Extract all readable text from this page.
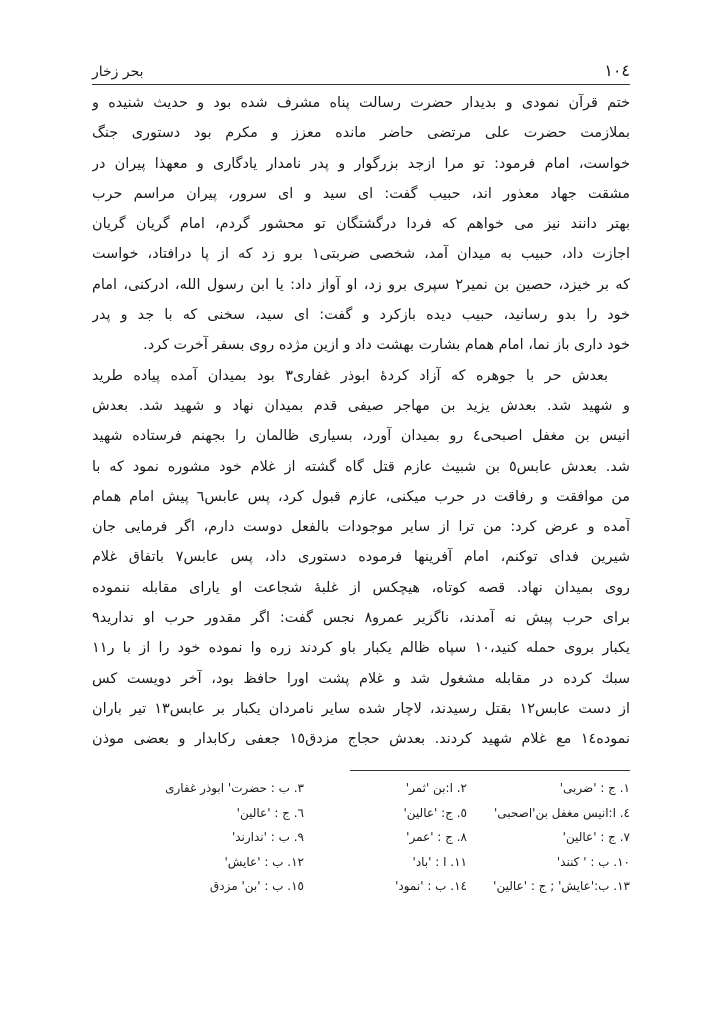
١٠٤
بحر زخار
ختم قرآن نمودی و بدیدار حضرت رسالت پناه مشرف شده بود و حدیث شنیده و
بملازمت حضرت علی مرتضی حاضر مانده معزز و مکرم بود دستوری جنگ
خواست، امام فرمود: تو مرا ازجد بزرگوار و پدر نامدار یادگاری و معهذا پیران در
مشقت جهاد معذور اند، حبیب گفت: ای سید و ای سرور، پیران مراسم حرب
بهتر دانند نیز می خواهم که فردا درگشتگان تو محشور گردم، امام گریان گریان
اجازت داد، حبیب به میدان آمد، شخصی ضربتی١ برو زد که از پا درافتاد، خواست
که بر خیزد، حصین بن نمیر٢ سپری برو زد، او آواز داد: یا ابن رسول الله، ادرکنی، امام
خود را بدو رسانید، حبیب دیده بازکرد و گفت: ای سید، سخنی که با جد و پدر
خود داری باز نما، امام همام بشارت بهشت داد و ازین مژده روی بسفر آخرت کرد.
بعدش حر با جوهره که آزاد کردهٔ ابوذر غفاری٣ بود بمیدان آمده پیاده طرید
و شهید شد. بعدش یزید بن مهاجر صیفی قدم بمیدان نهاد و شهید شد. بعدش
انیس بن مغفل اصبحی٤ رو بمیدان آورد، بسیاری ظالمان را بجهنم فرستاده شهید
شد. بعدش عابس٥ بن شبیث عازم قتل گاه گشته از غلام خود مشوره نمود که با
من موافقت و رفاقت در حرب میکنی، عازم قبول کرد، پس عابس٦ پیش امام همام
آمده و عرض کرد: من ترا از سایر موجودات بالفعل دوست دارم، اگر فرمایی جان
شیرین فدای توکنم، امام آفرینها فرموده دستوری داد، پس عابس٧ باتفاق غلام
روی بمیدان نهاد. قصه کوتاه، هیچکس از غلبهٔ شجاعت او یارای مقابله ننموده
برای حرب پیش نه آمدند، ناگزیر عمرو٨ نجس گفت: اگر مقدور حرب او ندارید٩
یکبار بروی حمله کنید،١٠ سپاه ظالم یکبار باو کردند زره وا نموده خود را از با ر١١
سبك کرده در مقابله مشغول شد و غلام پشت اورا حافظ بود، آخر دویست کس
از دست عابس١٢ بقتل رسیدند، لاچار شده سایر نامردان یکبار بر عابس١٣ تیر باران
نموده١٤ مع غلام شهید کردند. بعدش حجاج مزدق١٥ جعفی رکابدار و بعضی موذن
١. ج : 'ضربی'
٢. ا:بن 'ثمر'
٣. ب : حضرت' ابوذر غفاری
٤. ا:انیس مغفل بن'اصحبی'
٥. ج: 'عالین'
٦. ج : 'عالین'
٧. ج : 'عالین'
٨. ج : 'عمر'
٩. ب : 'ندارند'
١٠. ب : ' کنند'
١١. ا : 'باد'
١٢. ب : 'عایش'
١٣. ب:'عایش' ; ج : 'عالین'
١٤. ب : 'نمود'
١٥. ب : 'بن' مزدق
